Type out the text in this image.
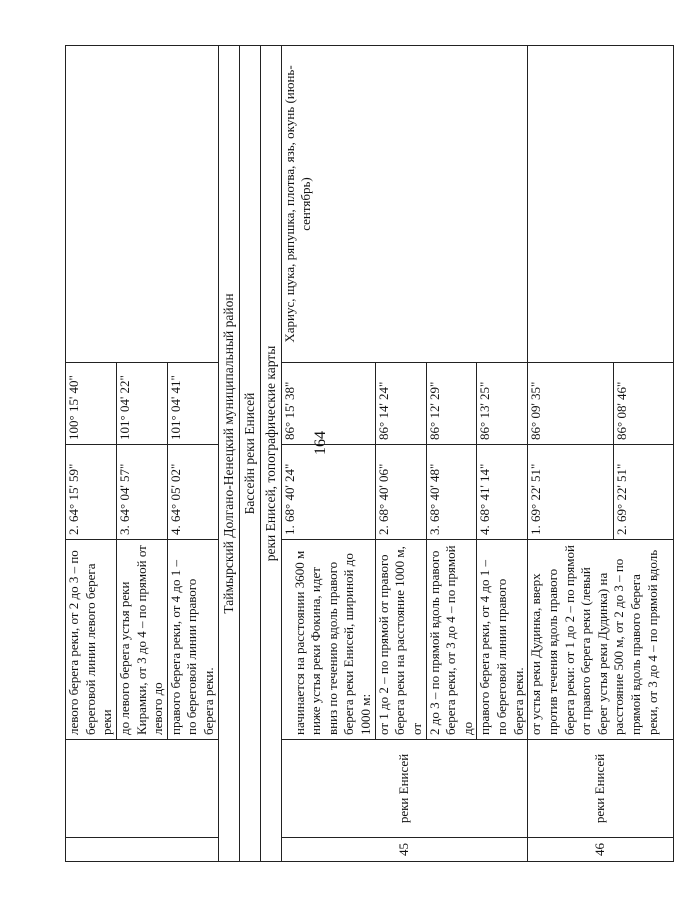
164
		левого берега реки, от 2 до 3 – по береговой линии левого берега реки	2. 64° 15' 59"	100° 15' 40"	
		до левого берега устья реки Кирамки, от 3 до 4 – по прямой от левого до	3. 64° 04' 57"	101° 04' 22"	
		правого берега реки, от 4 до 1 – по береговой линии правого берега реки.	4. 64° 05' 02"	101° 04' 41"	
Таймырский Долгано-Ненецкий муниципальный район					
Бассейн реки Енисей					
реки Енисей, топографические карты					
45	реки Енисей	начинается на расстоянии 3600 м ниже устья реки Фокина, идет вниз по течению вдоль правого берега реки Енисей, шириной до 1000 м:	1. 68° 40' 24"	86° 15' 38"	Хариус, щука, ряпушка, плотва, язь, окунь (июнь-сентябрь)
		от 1 до 2 – по прямой от правого берега реки на расстояние 1000 м, от	2. 68° 40' 06"	86° 14' 24"	
		2 до 3 – по прямой вдоль правого берега реки, от 3 до 4 – по прямой до	3. 68° 40' 48"	86° 12' 29"	
		правого берега реки, от 4 до 1 – по береговой линии правого берега реки.	4. 68° 41' 14"	86° 13' 25"	
46	реки Енисей	от устья реки Дудинка, вверх против течения вдоль правого берега реки: от 1 до 2 – по прямой от правого берега реки (левый берег устья реки Дудинка) на расстояние 500 м, от 2 до 3 – по прямой вдоль правого берега реки, от 3 до 4 – по прямой вдоль	1. 69° 22' 51"	86° 09' 35"	
			2. 69° 22' 51"	86° 08' 46"	
